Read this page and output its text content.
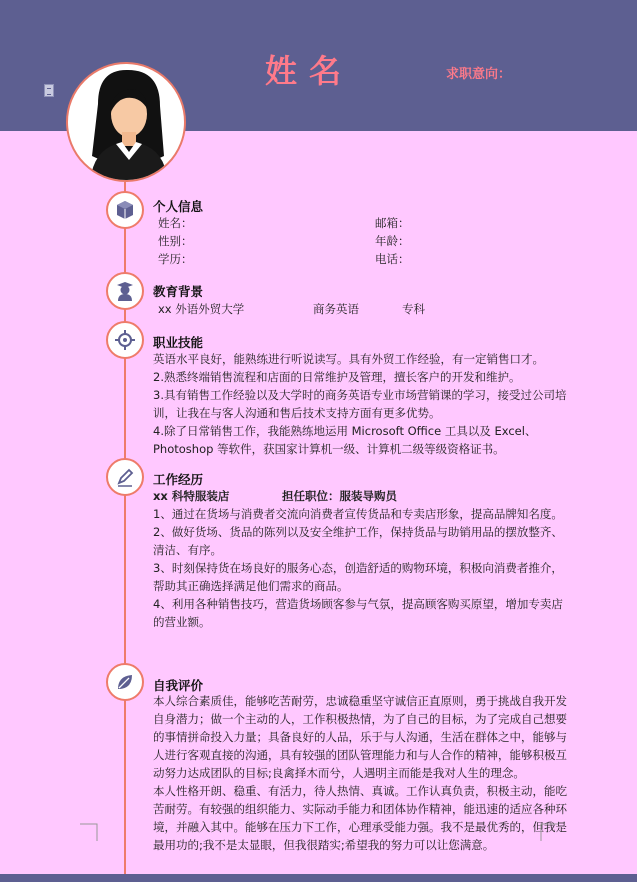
姓名	求职意向：
个人信息
姓名：	邮箱：
性别：	年龄：
学历：	电话：
教育背景
xx 外语外贸大学	商务英语	专科
职业技能
英语水平良好，能熟练进行听说读写。具有外贸工作经验，有一定销售口才。
2.熟悉终端销售流程和店面的日常维护及管理，擅长客户的开发和维护。
3.具有销售工作经验以及大学时的商务英语专业市场营销课的学习，接受过公司培
训，让我在与客人沟通和售后技术支持方面有更多优势。
4.除了日常销售工作，我能熟练地运用 Microsoft Office 工具以及 Excel、
Photoshop 等软件，获国家计算机一级、计算机二级等级资格证书。
工作经历
xx 科特服装店	担任职位：服装导购员
1、通过在货场与消费者交流向消费者宣传货品和专卖店形象，提高品牌知名度。
2、做好货场、货品的陈列以及安全维护工作，保持货品与助销用品的摆放整齐、
清洁、有序。
3、时刻保持货在场良好的服务心态，创造舒适的购物环境，积极向消费者推介，
帮助其正确选择满足他们需求的商品。
4、利用各种销售技巧，营造货场顾客参与气氛，提高顾客购买原望，增加专卖店
的营业额。
自我评价
本人综合素质佳，能够吃苦耐劳，忠诚稳重坚守诚信正直原则，勇于挑战自我开发
自身潜力；做一个主动的人，工作积极热情，为了自己的目标，为了完成自己想要
的事情拼命投入力量；具备良好的人品，乐于与人沟通，生活在群体之中，能够与
人进行客观直接的沟通，具有较强的团队管理能力和与人合作的精神，能够积极互
动努力达成团队的目标;良禽择木而兮，人遇明主而能是我对人生的理念。
本人性格开朗、稳重、有活力，待人热情、真诚。工作认真负责，积极主动，能吃
苦耐劳。有较强的组织能力、实际动手能力和团体协作精神，能迅速的适应各种环
境，并融入其中。能够在压力下工作，心理承受能力强。我不是最优秀的，但我是
最用功的;我不是太显眼，但我很踏实;希望我的努力可以让您满意。
